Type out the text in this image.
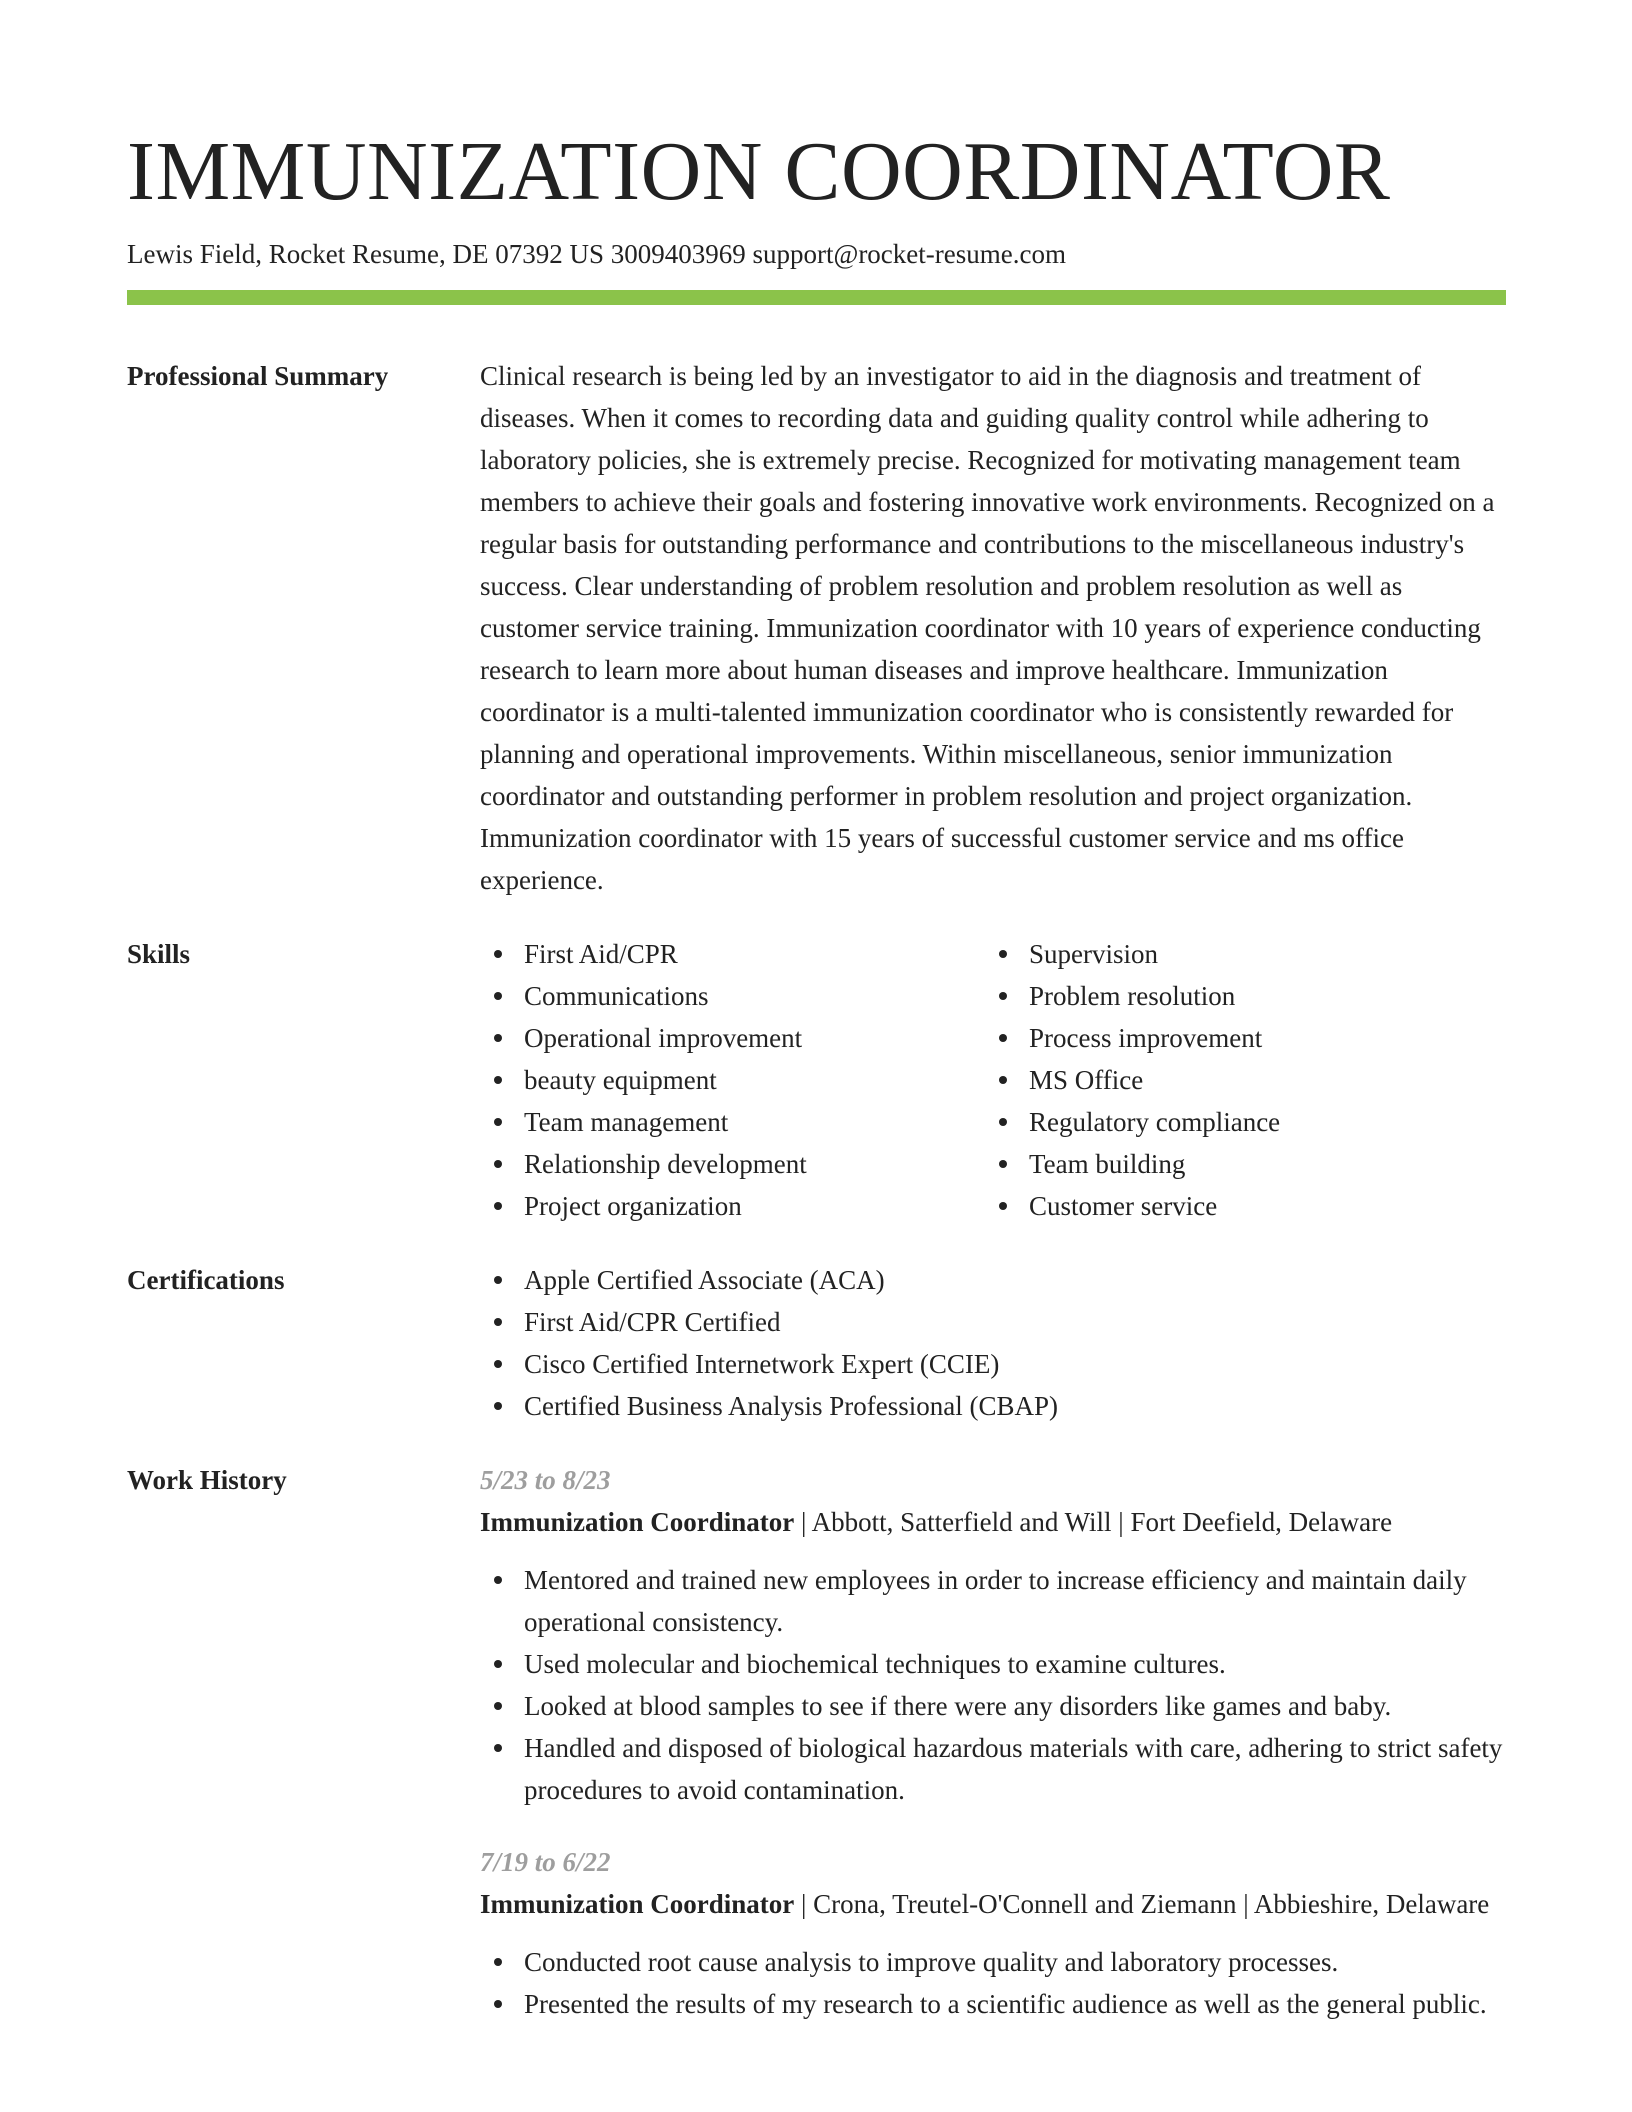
IMMUNIZATION COORDINATOR
Lewis Field, Rocket Resume, DE 07392 US 3009403969 support@rocket-resume.com
Professional Summary	Clinical research is being led by an investigator to aid in the diagnosis and treatment of diseases. When it comes to recording data and guiding quality control while adhering to laboratory policies, she is extremely precise. Recognized for motivating management team members to achieve their goals and fostering innovative work environments. Recognized on a regular basis for outstanding performance and contributions to the miscellaneous industry's success. Clear understanding of problem resolution and problem resolution as well as customer service training. Immunization coordinator with 10 years of experience conducting research to learn more about human diseases and improve healthcare. Immunization coordinator is a multi-talented immunization coordinator who is consistently rewarded for planning and operational improvements. Within miscellaneous, senior immunization coordinator and outstanding performer in problem resolution and project organization. Immunization coordinator with 15 years of successful customer service and ms office experience.

Skills	First Aid/CPR
Communications
Operational improvement
beauty equipment
Team management
Relationship development
Project organization
Supervision
Problem resolution
Process improvement
MS Office
Regulatory compliance
Team building
Customer service
Certifications	Apple Certified Associate (ACA)
First Aid/CPR Certified
Cisco Certified Internetwork Expert (CCIE)
Certified Business Analysis Professional (CBAP)
Work History	5/23 to 8/23
Immunization Coordinator | Abbott, Satterfield and Will | Fort Deefield, Delaware
Mentored and trained new employees in order to increase efficiency and maintain daily operational consistency.
Used molecular and biochemical techniques to examine cultures.
Looked at blood samples to see if there were any disorders like games and baby.
Handled and disposed of biological hazardous materials with care, adhering to strict safety procedures to avoid contamination.
7/19 to 6/22
Immunization Coordinator | Crona, Treutel-O'Connell and Ziemann | Abbieshire, Delaware
Conducted root cause analysis to improve quality and laboratory processes.
Presented the results of my research to a scientific audience as well as the general public.
